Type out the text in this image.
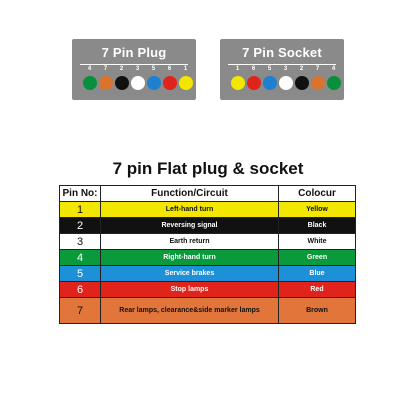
7 Pin Plug
4 7 2 3 5 6 1
7 Pin Socket
1 6 5 3 2 7 4
7 pin Flat plug & socket
Pin No:	Function/Circuit	Colocur
1	Left-hand turn	Yellow
2	Reversing signal	Black
3	Earth return	White
4	Right-hand turn	Green
5	Service brakes	Blue
6	Stop lamps	Red
7	Rear lamps, clearance&side marker lamps	Brown
